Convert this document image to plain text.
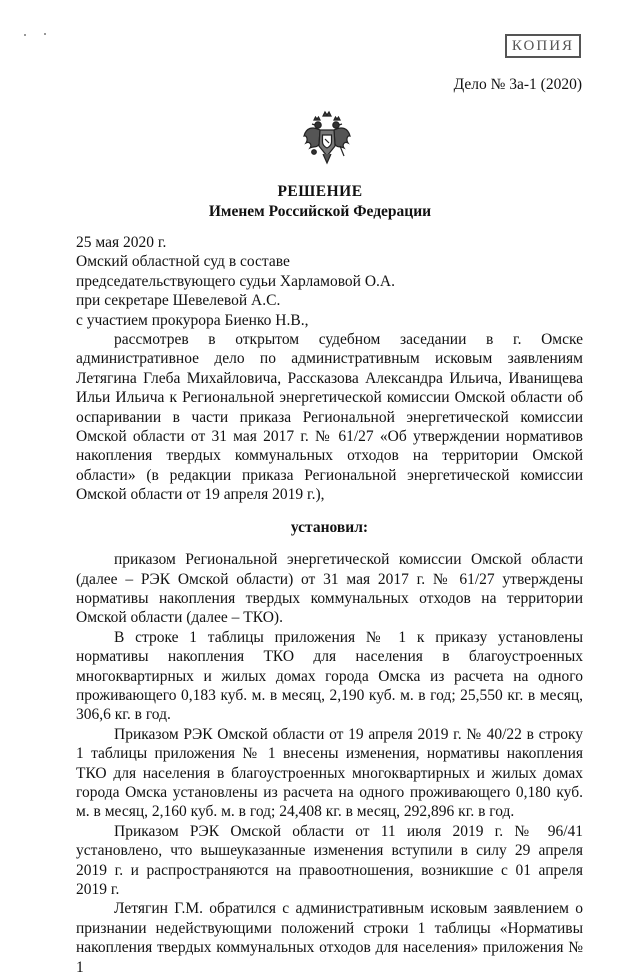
КОПИЯ
Дело № 3а-1 (2020)
РЕШЕНИЕ
Именем Российской Федерации

25 мая 2020 г.

Омский областной суд в составе

председательствующего судьи Харламовой О.А.

при секретаре Шевелевой А.С.

с участием прокурора Биенко Н.В.,

рассмотрев в открытом судебном заседании в г. Омске административное дело по административным исковым заявлениям Летягина Глеба Михайловича, Рассказова Александра Ильича, Иванищева Ильи Ильича к Региональной энергетической комиссии Омской области об оспаривании в части приказа Региональной энергетической комиссии Омской области от 31 мая 2017 г. № 61/27 «Об утверждении нормативов накопления твердых коммунальных отходов на территории Омской области» (в редакции приказа Региональной энергетической комиссии Омской области от 19 апреля 2019 г.),

установил:

приказом Региональной энергетической комиссии Омской области (далее – РЭК Омской области) от 31 мая 2017 г. № 61/27 утверждены нормативы накопления твердых коммунальных отходов на территории Омской области (далее – ТКО).

В строке 1 таблицы приложения № 1 к приказу установлены нормативы накопления ТКО для населения в благоустроенных многоквартирных и жилых домах города Омска из расчета на одного проживающего 0,183 куб. м. в месяц, 2,190 куб. м. в год; 25,550 кг. в месяц, 306,6 кг. в год.

Приказом РЭК Омской области от 19 апреля 2019 г. № 40/22 в строку 1 таблицы приложения № 1 внесены изменения, нормативы накопления ТКО для населения в благоустроенных многоквартирных и жилых домах города Омска установлены из расчета на одного проживающего 0,180 куб. м. в месяц, 2,160 куб. м. в год; 24,408 кг. в месяц, 292,896 кг. в год.

Приказом РЭК Омской области от 11 июля 2019 г. № 96/41 установлено, что вышеуказанные изменения вступили в силу 29 апреля 2019 г. и распространяются на правоотношения, возникшие с 01 апреля 2019 г.

Летягин Г.М. обратился с административным исковым заявлением о признании недействующими положений строки 1 таблицы «Нормативы накопления твердых коммунальных отходов для населения» приложения № 1
